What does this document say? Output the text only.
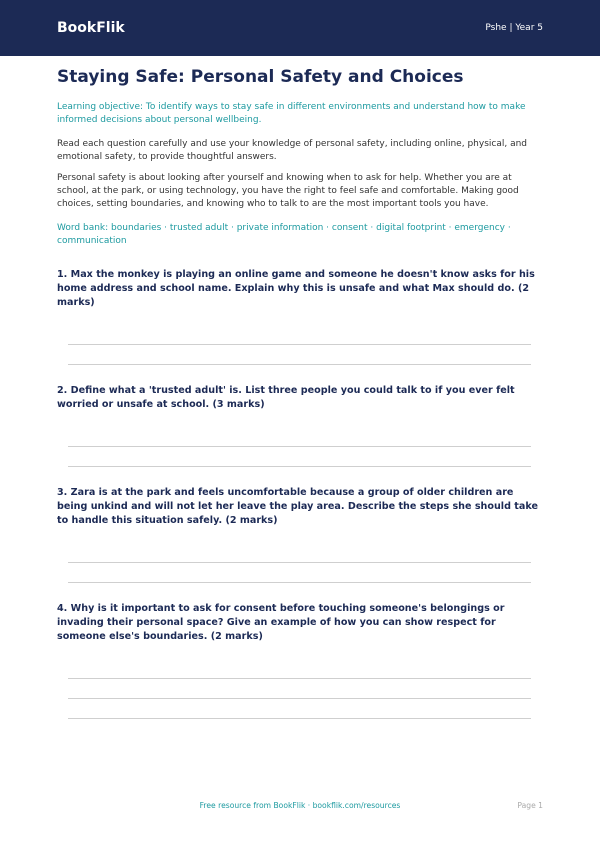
BookFlik	Pshe | Year 5
Staying Safe: Personal Safety and Choices
Learning objective: To identify ways to stay safe in different environments and understand how to make informed decisions about personal wellbeing.

Read each question carefully and use your knowledge of personal safety, including online, physical, and emotional safety, to provide thoughtful answers.

Personal safety is about looking after yourself and knowing when to ask for help. Whether you are at school, at the park, or using technology, you have the right to feel safe and comfortable. Making good choices, setting boundaries, and knowing who to talk to are the most important tools you have.

Word bank: boundaries · trusted adult · private information · consent · digital footprint · emergency · communication
1. Max the monkey is playing an online game and someone he doesn't know asks for his home address and school name. Explain why this is unsafe and what Max should do. (2 marks)
2. Define what a 'trusted adult' is. List three people you could talk to if you ever felt worried or unsafe at school. (3 marks)
3. Zara is at the park and feels uncomfortable because a group of older children are being unkind and will not let her leave the play area. Describe the steps she should take to handle this situation safely. (2 marks)
4. Why is it important to ask for consent before touching someone's belongings or invading their personal space? Give an example of how you can show respect for someone else's boundaries. (2 marks)
Free resource from BookFlik · bookflik.com/resources	Page 1
